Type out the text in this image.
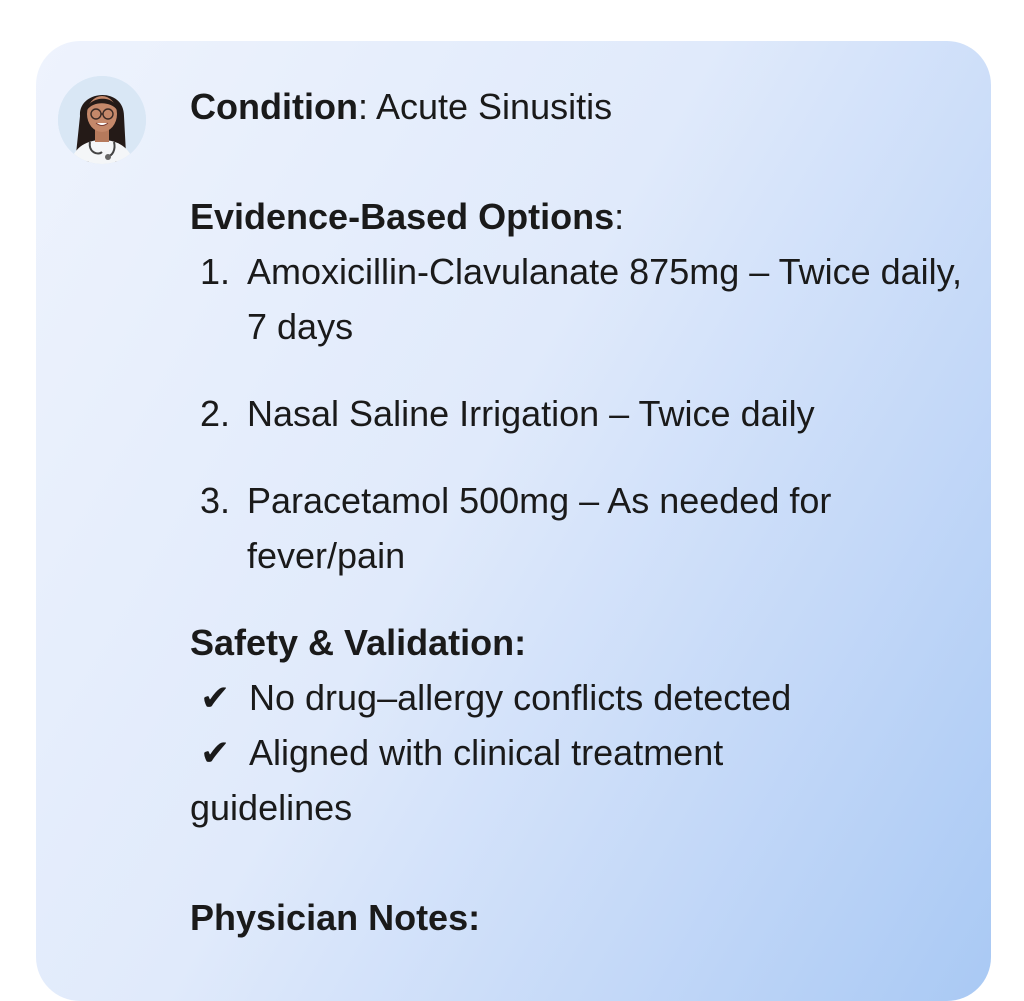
Condition: Acute Sinusitis
Evidence-Based Options:
1. Amoxicillin-Clavulanate 875mg – Twice daily, 7 days
2. Nasal Saline Irrigation – Twice daily
3. Paracetamol 500mg – As needed for fever/pain
Safety & Validation:
✔ No drug–allergy conflicts detected
✔ Aligned with clinical treatment
guidelines
Physician Notes:
